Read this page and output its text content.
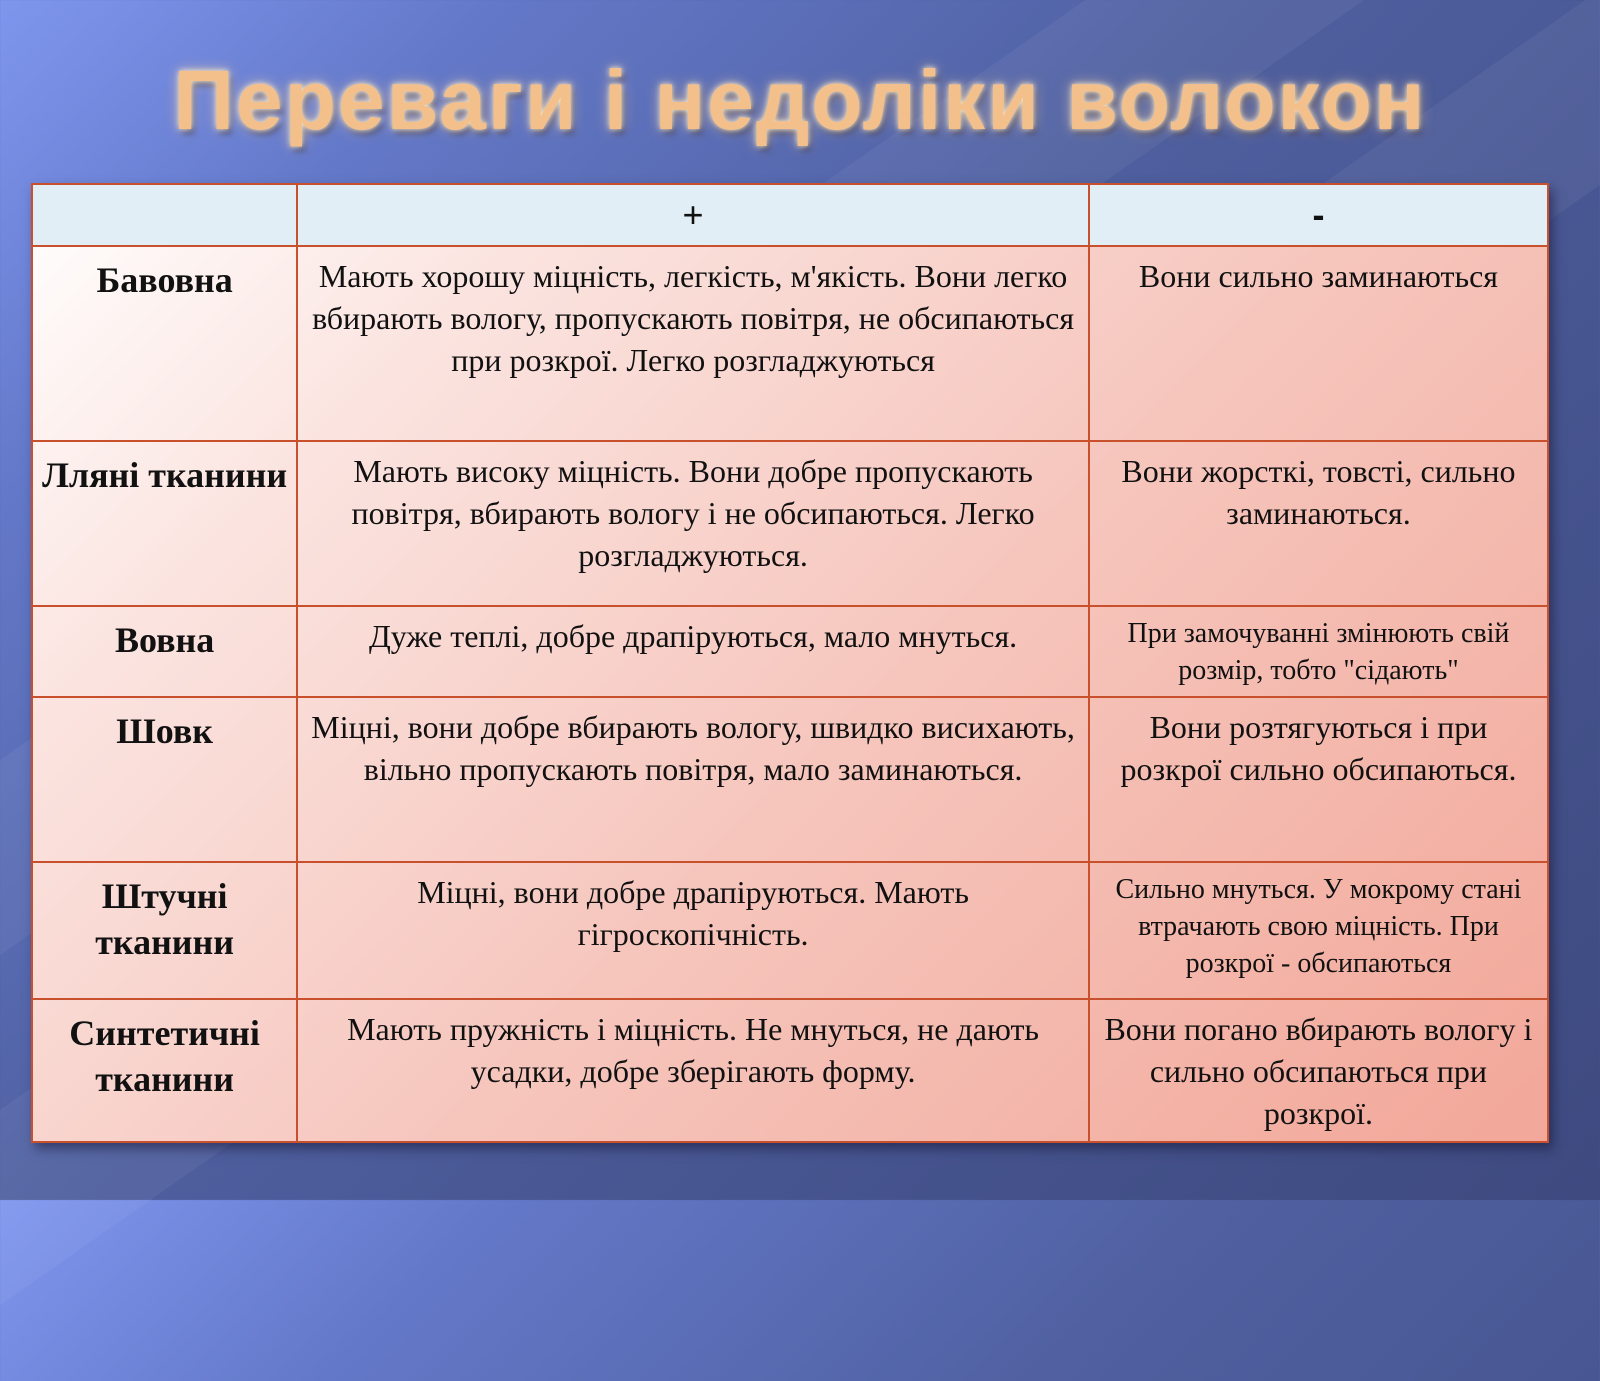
Переваги і недоліки волокон
	+	-
Бавовна	Мають хорошу міцність, легкість, м'якість. Вони легко вбирають вологу, пропускають повітря, не обсипаються при розкрої. Легко розгладжуються	Вони сильно заминаються
Лляні тканини	Мають високу міцність. Вони добре пропускають повітря, вбирають вологу і не обсипаються. Легко розгладжуються.	Вони жорсткі, товсті, сильно заминаються.
Вовна	Дуже теплі, добре драпіруються, мало мнуться.	При замочуванні змінюють свій розмір, тобто "сідають"
Шовк	Міцні, вони добре вбирають вологу, швидко висихають, вільно пропускають повітря, мало заминаються.	Вони розтягуються і при розкрої сильно обсипаються.
Штучні тканини	Міцні, вони добре драпіруються. Мають гігроскопічність.	Сильно мнуться. У мокрому стані втрачають свою міцність. При розкрої - обсипаються
Синтетичні тканини	Мають пружність і міцність. Не мнуться, не дають усадки, добре зберігають форму.	Вони погано вбирають вологу і сильно обсипаються при розкрої.
